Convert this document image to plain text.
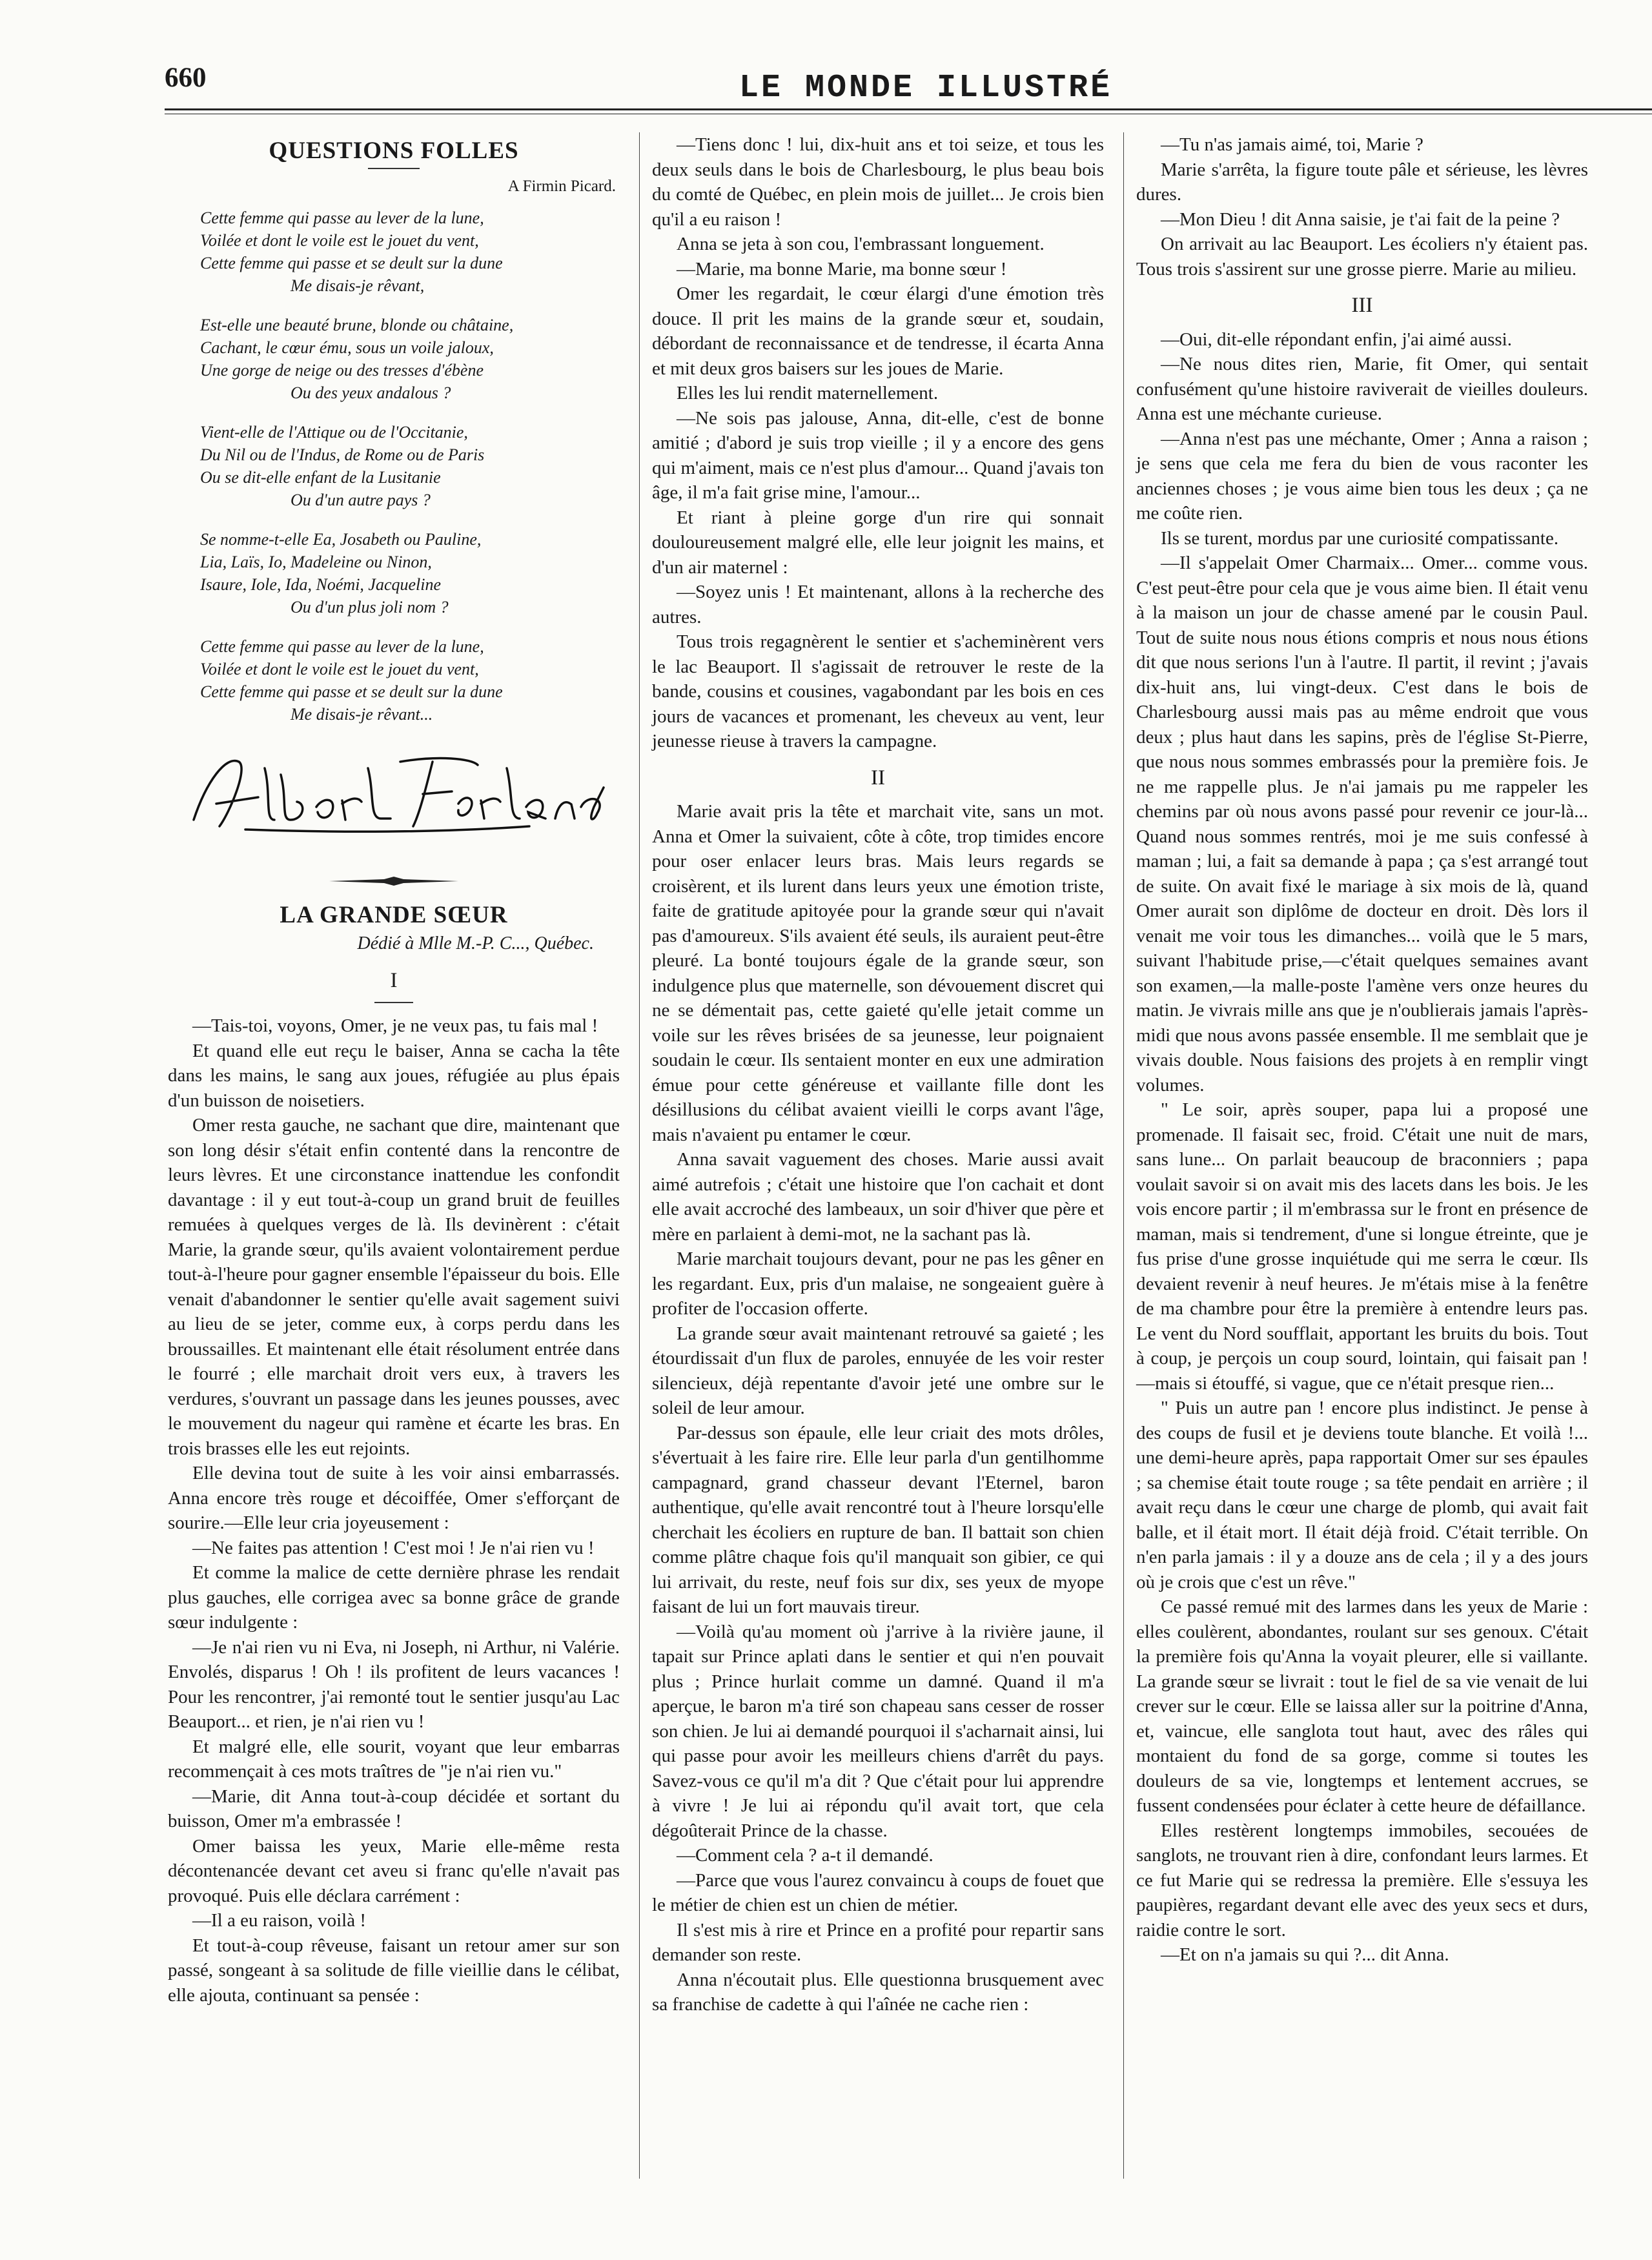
660	LE MONDE ILLUSTRÉ
QUESTIONS FOLLES
A Firmin Picard.
Cette femme qui passe au lever de la lune,
Voilée et dont le voile est le jouet du vent,
Cette femme qui passe et se deult sur la dune
Me disais-je rêvant,
Est-elle une beauté brune, blonde ou châtaine,
Cachant, le cœur ému, sous un voile jaloux,
Une gorge de neige ou des tresses d'ébène
Ou des yeux andalous ?
Vient-elle de l'Attique ou de l'Occitanie,
Du Nil ou de l'Indus, de Rome ou de Paris
Ou se dit-elle enfant de la Lusitanie
Ou d'un autre pays ?
Se nomme-t-elle Ea, Josabeth ou Pauline,
Lia, Laïs, Io, Madeleine ou Ninon,
Isaure, Iole, Ida, Noémi, Jacqueline
Ou d'un plus joli nom ?
Cette femme qui passe au lever de la lune,
Voilée et dont le voile est le jouet du vent,
Cette femme qui passe et se deult sur la dune
Me disais-je rêvant...
LA GRANDE SŒUR
Dédié à Mlle M.-P. C..., Québec.
I

—Tais-toi, voyons, Omer, je ne veux pas, tu fais mal !

Et quand elle eut reçu le baiser, Anna se cacha la tête dans les mains, le sang aux joues, réfugiée au plus épais d'un buisson de noisetiers.

Omer resta gauche, ne sachant que dire, maintenant que son long désir s'était enfin contenté dans la rencontre de leurs lèvres. Et une circonstance inattendue les confondit davantage : il y eut tout-à-coup un grand bruit de feuilles remuées à quelques verges de là. Ils devinèrent : c'était Marie, la grande sœur, qu'ils avaient volontairement perdue tout-à-l'heure pour gagner ensemble l'épaisseur du bois. Elle venait d'abandonner le sentier qu'elle avait sagement suivi au lieu de se jeter, comme eux, à corps perdu dans les broussailles. Et maintenant elle était résolument entrée dans le fourré ; elle marchait droit vers eux, à travers les verdures, s'ouvrant un passage dans les jeunes pousses, avec le mouvement du nageur qui ramène et écarte les bras. En trois brasses elle les eut rejoints.

Elle devina tout de suite à les voir ainsi embarrassés. Anna encore très rouge et décoiffée, Omer s'efforçant de sourire.—Elle leur cria joyeusement :

—Ne faites pas attention ! C'est moi ! Je n'ai rien vu !

Et comme la malice de cette dernière phrase les rendait plus gauches, elle corrigea avec sa bonne grâce de grande sœur indulgente :

—Je n'ai rien vu ni Eva, ni Joseph, ni Arthur, ni Valérie. Envolés, disparus ! Oh ! ils profitent de leurs vacances ! Pour les rencontrer, j'ai remonté tout le sentier jusqu'au Lac Beauport... et rien, je n'ai rien vu !

Et malgré elle, elle sourit, voyant que leur embarras recommençait à ces mots traîtres de "je n'ai rien vu."

—Marie, dit Anna tout-à-coup décidée et sortant du buisson, Omer m'a embrassée !

Omer baissa les yeux, Marie elle-même resta décontenancée devant cet aveu si franc qu'elle n'avait pas provoqué. Puis elle déclara carrément :

—Il a eu raison, voilà !

Et tout-à-coup rêveuse, faisant un retour amer sur son passé, songeant à sa solitude de fille vieillie dans le célibat, elle ajouta, continuant sa pensée :

—Tiens donc ! lui, dix-huit ans et toi seize, et tous les deux seuls dans le bois de Charlesbourg, le plus beau bois du comté de Québec, en plein mois de juillet... Je crois bien qu'il a eu raison !

Anna se jeta à son cou, l'embrassant longuement.

—Marie, ma bonne Marie, ma bonne sœur !

Omer les regardait, le cœur élargi d'une émotion très douce. Il prit les mains de la grande sœur et, soudain, débordant de reconnaissance et de tendresse, il écarta Anna et mit deux gros baisers sur les joues de Marie.

Elles les lui rendit maternellement.

—Ne sois pas jalouse, Anna, dit-elle, c'est de bonne amitié ; d'abord je suis trop vieille ; il y a encore des gens qui m'aiment, mais ce n'est plus d'amour... Quand j'avais ton âge, il m'a fait grise mine, l'amour...

Et riant à pleine gorge d'un rire qui sonnait douloureusement malgré elle, elle leur joignit les mains, et d'un air maternel :

—Soyez unis ! Et maintenant, allons à la recherche des autres.

Tous trois regagnèrent le sentier et s'acheminèrent vers le lac Beauport. Il s'agissait de retrouver le reste de la bande, cousins et cousines, vagabondant par les bois en ces jours de vacances et promenant, les cheveux au vent, leur jeunesse rieuse à travers la campagne.

II

Marie avait pris la tête et marchait vite, sans un mot. Anna et Omer la suivaient, côte à côte, trop timides encore pour oser enlacer leurs bras. Mais leurs regards se croisèrent, et ils lurent dans leurs yeux une émotion triste, faite de gratitude apitoyée pour la grande sœur qui n'avait pas d'amoureux. S'ils avaient été seuls, ils auraient peut-être pleuré. La bonté toujours égale de la grande sœur, son indulgence plus que maternelle, son dévouement discret qui ne se démentait pas, cette gaieté qu'elle jetait comme un voile sur les rêves brisées de sa jeunesse, leur poignaient soudain le cœur. Ils sentaient monter en eux une admiration émue pour cette généreuse et vaillante fille dont les désillusions du célibat avaient vieilli le corps avant l'âge, mais n'avaient pu entamer le cœur.

Anna savait vaguement des choses. Marie aussi avait aimé autrefois ; c'était une histoire que l'on cachait et dont elle avait accroché des lambeaux, un soir d'hiver que père et mère en parlaient à demi-mot, ne la sachant pas là.

Marie marchait toujours devant, pour ne pas les gêner en les regardant. Eux, pris d'un malaise, ne songeaient guère à profiter de l'occasion offerte.

La grande sœur avait maintenant retrouvé sa gaieté ; les étourdissait d'un flux de paroles, ennuyée de les voir rester silencieux, déjà repentante d'avoir jeté une ombre sur le soleil de leur amour.

Par-dessus son épaule, elle leur criait des mots drôles, s'évertuait à les faire rire. Elle leur parla d'un gentilhomme campagnard, grand chasseur devant l'Eternel, baron authentique, qu'elle avait rencontré tout à l'heure lorsqu'elle cherchait les écoliers en rupture de ban. Il battait son chien comme plâtre chaque fois qu'il manquait son gibier, ce qui lui arrivait, du reste, neuf fois sur dix, ses yeux de myope faisant de lui un fort mauvais tireur.

—Voilà qu'au moment où j'arrive à la rivière jaune, il tapait sur Prince aplati dans le sentier et qui n'en pouvait plus ; Prince hurlait comme un damné. Quand il m'a aperçue, le baron m'a tiré son chapeau sans cesser de rosser son chien. Je lui ai demandé pourquoi il s'acharnait ainsi, lui qui passe pour avoir les meilleurs chiens d'arrêt du pays. Savez-vous ce qu'il m'a dit ? Que c'était pour lui apprendre à vivre ! Je lui ai répondu qu'il avait tort, que cela dégoûterait Prince de la chasse.

—Comment cela ? a-t il demandé.

—Parce que vous l'aurez convaincu à coups de fouet que le métier de chien est un chien de métier.

Il s'est mis à rire et Prince en a profité pour repartir sans demander son reste.

Anna n'écoutait plus. Elle questionna brusquement avec sa franchise de cadette à qui l'aînée ne cache rien :

—Tu n'as jamais aimé, toi, Marie ?

Marie s'arrêta, la figure toute pâle et sérieuse, les lèvres dures.

—Mon Dieu ! dit Anna saisie, je t'ai fait de la peine ?

On arrivait au lac Beauport. Les écoliers n'y étaient pas. Tous trois s'assirent sur une grosse pierre. Marie au milieu.

III

—Oui, dit-elle répondant enfin, j'ai aimé aussi.

—Ne nous dites rien, Marie, fit Omer, qui sentait confusément qu'une histoire raviverait de vieilles douleurs. Anna est une méchante curieuse.

—Anna n'est pas une méchante, Omer ; Anna a raison ; je sens que cela me fera du bien de vous raconter les anciennes choses ; je vous aime bien tous les deux ; ça ne me coûte rien.

Ils se turent, mordus par une curiosité compatissante.

—Il s'appelait Omer Charmaix... Omer... comme vous. C'est peut-être pour cela que je vous aime bien. Il était venu à la maison un jour de chasse amené par le cousin Paul. Tout de suite nous nous étions compris et nous nous étions dit que nous serions l'un à l'autre. Il partit, il revint ; j'avais dix-huit ans, lui vingt-deux. C'est dans le bois de Charlesbourg aussi mais pas au même endroit que vous deux ; plus haut dans les sapins, près de l'église St-Pierre, que nous nous sommes embrassés pour la première fois. Je ne me rappelle plus. Je n'ai jamais pu me rappeler les chemins par où nous avons passé pour revenir ce jour-là... Quand nous sommes rentrés, moi je me suis confessé à maman ; lui, a fait sa demande à papa ; ça s'est arrangé tout de suite. On avait fixé le mariage à six mois de là, quand Omer aurait son diplôme de docteur en droit. Dès lors il venait me voir tous les dimanches... voilà que le 5 mars, suivant l'habitude prise,—c'était quelques semaines avant son examen,—la malle-poste l'amène vers onze heures du matin. Je vivrais mille ans que je n'oublierais jamais l'après-midi que nous avons passée ensemble. Il me semblait que je vivais double. Nous faisions des projets à en remplir vingt volumes.

" Le soir, après souper, papa lui a proposé une promenade. Il faisait sec, froid. C'était une nuit de mars, sans lune... On parlait beaucoup de braconniers ; papa voulait savoir si on avait mis des lacets dans les bois. Je les vois encore partir ; il m'embrassa sur le front en présence de maman, mais si tendrement, d'une si longue étreinte, que je fus prise d'une grosse inquiétude qui me serra le cœur. Ils devaient revenir à neuf heures. Je m'étais mise à la fenêtre de ma chambre pour être la première à entendre leurs pas. Le vent du Nord soufflait, apportant les bruits du bois. Tout à coup, je perçois un coup sourd, lointain, qui faisait pan !—mais si étouffé, si vague, que ce n'était presque rien...

" Puis un autre pan ! encore plus indistinct. Je pense à des coups de fusil et je deviens toute blanche. Et voilà !... une demi-heure après, papa rapportait Omer sur ses épaules ; sa chemise était toute rouge ; sa tête pendait en arrière ; il avait reçu dans le cœur une charge de plomb, qui avait fait balle, et il était mort. Il était déjà froid. C'était terrible. On n'en parla jamais : il y a douze ans de cela ; il y a des jours où je crois que c'est un rêve."

Ce passé remué mit des larmes dans les yeux de Marie : elles coulèrent, abondantes, roulant sur ses genoux. C'était la première fois qu'Anna la voyait pleurer, elle si vaillante. La grande sœur se livrait : tout le fiel de sa vie venait de lui crever sur le cœur. Elle se laissa aller sur la poitrine d'Anna, et, vaincue, elle sanglota tout haut, avec des râles qui montaient du fond de sa gorge, comme si toutes les douleurs de sa vie, longtemps et lentement accrues, se fussent condensées pour éclater à cette heure de défaillance.

Elles restèrent longtemps immobiles, secouées de sanglots, ne trouvant rien à dire, confondant leurs larmes. Et ce fut Marie qui se redressa la première. Elle s'essuya les paupières, regardant devant elle avec des yeux secs et durs, raidie contre le sort.

—Et on n'a jamais su qui ?... dit Anna.
